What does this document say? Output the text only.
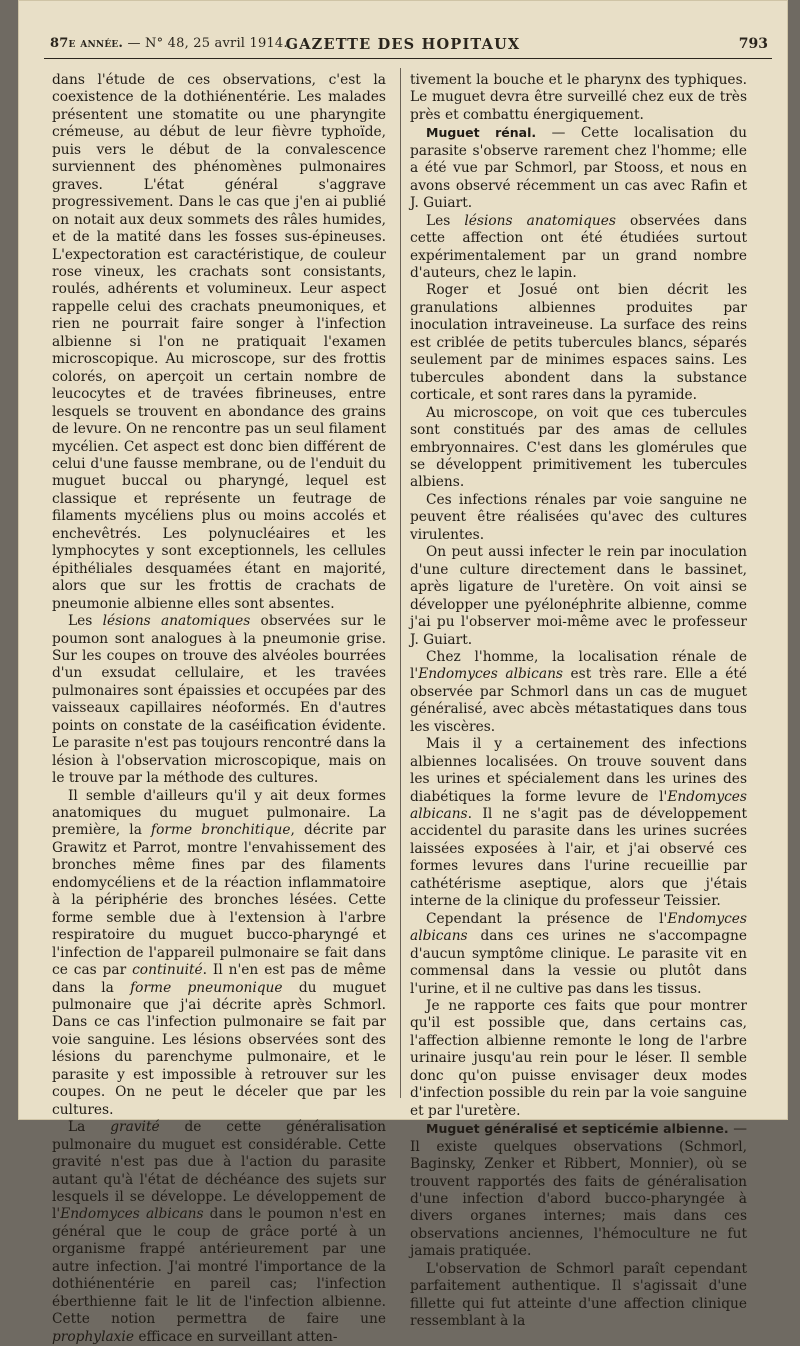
87e année. — N° 48, 25 avril 1914.
GAZETTE DES HOPITAUX	793

dans l'étude de ces observations, c'est la coexistence de la dothiénentérie. Les malades présentent une stomatite ou une pharyngite crémeuse, au début de leur fièvre typhoïde, puis vers le début de la convalescence surviennent des phénomènes pulmonaires graves. L'état général s'aggrave progressivement. Dans le cas que j'en ai publié on notait aux deux sommets des râles humides, et de la matité dans les fosses sus-épineuses. L'expectoration est caractéristique, de couleur rose vineux, les crachats sont consistants, roulés, adhérents et volumineux. Leur aspect rappelle celui des crachats pneumoniques, et rien ne pourrait faire songer à l'infection albienne si l'on ne pratiquait l'examen microscopique. Au microscope, sur des frottis colorés, on aperçoit un certain nombre de leucocytes et de travées fibrineuses, entre lesquels se trouvent en abondance des grains de levure. On ne rencontre pas un seul filament mycélien. Cet aspect est donc bien différent de celui d'une fausse membrane, ou de l'enduit du muguet buccal ou pharyngé, lequel est classique et représente un feutrage de filaments mycéliens plus ou moins accolés et enchevêtrés. Les polynucléaires et les lymphocytes y sont exceptionnels, les cellules épithéliales desquamées étant en majorité, alors que sur les frottis de crachats de pneumonie albienne elles sont absentes.

Les lésions anatomiques observées sur le poumon sont analogues à la pneumonie grise. Sur les coupes on trouve des alvéoles bourrées d'un exsudat cellulaire, et les travées pulmonaires sont épaissies et occupées par des vaisseaux capillaires néoformés. En d'autres points on constate de la caséification évidente. Le parasite n'est pas toujours rencontré dans la lésion à l'observation microscopique, mais on le trouve par la méthode des cultures.

Il semble d'ailleurs qu'il y ait deux formes anatomiques du muguet pulmonaire. La première, la forme bronchitique, décrite par Grawitz et Parrot, montre l'envahissement des bronches même fines par des filaments endomycéliens et de la réaction inflammatoire à la périphérie des bronches lésées. Cette forme semble due à l'extension à l'arbre respiratoire du muguet bucco-pharyngé et l'infection de l'appareil pulmonaire se fait dans ce cas par continuité. Il n'en est pas de même dans la forme pneumonique du muguet pulmonaire que j'ai décrite après Schmorl. Dans ce cas l'infection pulmonaire se fait par voie sanguine. Les lésions observées sont des lésions du parenchyme pulmonaire, et le parasite y est impossible à retrouver sur les coupes. On ne peut le déceler que par les cultures.

La gravité de cette généralisation pulmonaire du muguet est considérable. Cette gravité n'est pas due à l'action du parasite autant qu'à l'état de déchéance des sujets sur lesquels il se développe. Le développement de l'Endomyces albicans dans le poumon n'est en général que le coup de grâce porté à un organisme frappé antérieurement par une autre infection. J'ai montré l'importance de la dothiénentérie en pareil cas; l'infection éberthienne fait le lit de l'infection albienne. Cette notion permettra de faire une prophylaxie efficace en surveillant atten-

tivement la bouche et le pharynx des typhiques. Le muguet devra être surveillé chez eux de très près et combattu énergiquement.

Muguet rénal. — Cette localisation du parasite s'observe rarement chez l'homme; elle a été vue par Schmorl, par Stooss, et nous en avons observé récemment un cas avec Rafin et J. Guiart.

Les lésions anatomiques observées dans cette affection ont été étudiées surtout expérimentalement par un grand nombre d'auteurs, chez le lapin.

Roger et Josué ont bien décrit les granulations albiennes produites par inoculation intraveineuse. La surface des reins est criblée de petits tubercules blancs, séparés seulement par de minimes espaces sains. Les tubercules abondent dans la substance corticale, et sont rares dans la pyramide.

Au microscope, on voit que ces tubercules sont constitués par des amas de cellules embryonnaires. C'est dans les glomérules que se développent primitivement les tubercules albiens.

Ces infections rénales par voie sanguine ne peuvent être réalisées qu'avec des cultures virulentes.

On peut aussi infecter le rein par inoculation d'une culture directement dans le bassinet, après ligature de l'uretère. On voit ainsi se développer une pyélonéphrite albienne, comme j'ai pu l'observer moi-même avec le professeur J. Guiart.

Chez l'homme, la localisation rénale de l'Endomyces albicans est très rare. Elle a été observée par Schmorl dans un cas de muguet généralisé, avec abcès métastatiques dans tous les viscères.

Mais il y a certainement des infections albiennes localisées. On trouve souvent dans les urines et spécialement dans les urines des diabétiques la forme levure de l'Endomyces albicans. Il ne s'agit pas de développement accidentel du parasite dans les urines sucrées laissées exposées à l'air, et j'ai observé ces formes levures dans l'urine recueillie par cathétérisme aseptique, alors que j'étais interne de la clinique du professeur Teissier.

Cependant la présence de l'Endomyces albicans dans ces urines ne s'accompagne d'aucun symptôme clinique. Le parasite vit en commensal dans la vessie ou plutôt dans l'urine, et il ne cultive pas dans les tissus.

Je ne rapporte ces faits que pour montrer qu'il est possible que, dans certains cas, l'affection albienne remonte le long de l'arbre urinaire jusqu'au rein pour le léser. Il semble donc qu'on puisse envisager deux modes d'infection possible du rein par la voie sanguine et par l'uretère.

Muguet généralisé et septicémie albienne. — Il existe quelques observations (Schmorl, Baginsky, Zenker et Ribbert, Monnier), où se trouvent rapportés des faits de généralisation d'une infection d'abord bucco-pharyngée à divers organes internes; mais dans ces observations anciennes, l'hémoculture ne fut jamais pratiquée.

L'observation de Schmorl paraît cependant parfaitement authentique. Il s'agissait d'une fillette qui fut atteinte d'une affection clinique ressemblant à la
